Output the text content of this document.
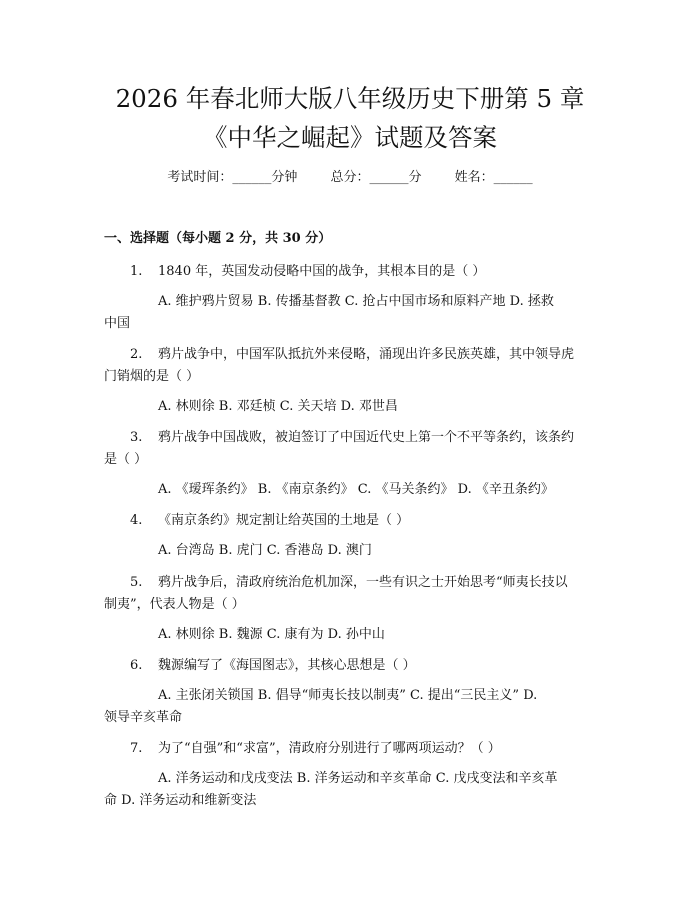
2026 年春北师大版八年级历史下册第 5 章
《中华之崛起》试题及答案
考试时间：______分钟	总分：______分	姓名：______
一、选择题（每小题 2 分，共 30 分）
1. 1840 年，英国发动侵略中国的战争，其根本目的是（ ）
A. 维护鸦片贸易 B. 传播基督教 C. 抢占中国市场和原料产地 D. 拯救
中国
2. 鸦片战争中，中国军队抵抗外来侵略，涌现出许多民族英雄，其中领导虎
门销烟的是（ ）
A. 林则徐 B. 邓廷桢 C. 关天培 D. 邓世昌
3. 鸦片战争中国战败，被迫签订了中国近代史上第一个不平等条约，该条约
是（ ）
A. 《瑷珲条约》 B. 《南京条约》 C. 《马关条约》 D. 《辛丑条约》
4. 《南京条约》规定割让给英国的土地是（ ）
A. 台湾岛 B. 虎门 C. 香港岛 D. 澳门
5. 鸦片战争后，清政府统治危机加深，一些有识之士开始思考“师夷长技以
制夷”，代表人物是（ ）
A. 林则徐 B. 魏源 C. 康有为 D. 孙中山
6. 魏源编写了《海国图志》，其核心思想是（ ）
A. 主张闭关锁国 B. 倡导“师夷长技以制夷” C. 提出“三民主义” D.
领导辛亥革命
7. 为了“自强”和“求富”，清政府分别进行了哪两项运动？（ ）
A. 洋务运动和戊戌变法 B. 洋务运动和辛亥革命 C. 戊戌变法和辛亥革
命 D. 洋务运动和维新变法
